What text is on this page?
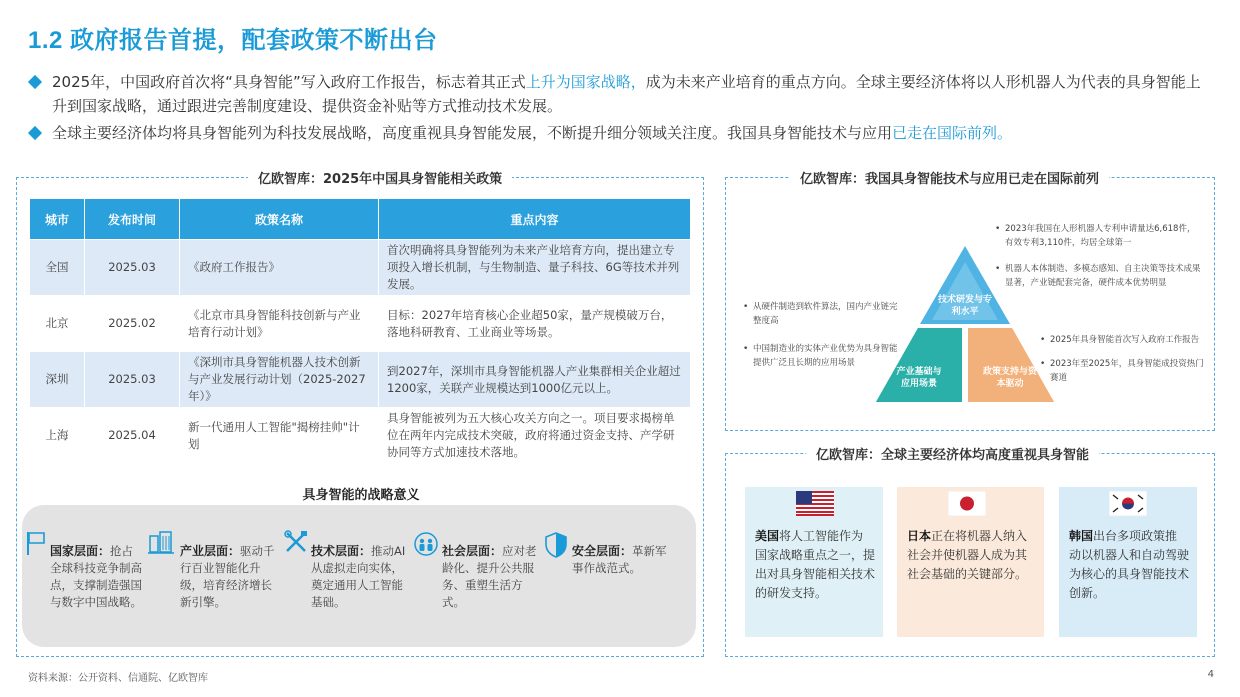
1.2 政府报告首提，配套政策不断出台
2025年，中国政府首次将“具身智能”写入政府工作报告，标志着其正式上升为国家战略，成为未来产业培育的重点方向。全球主要经济体将以人形机器人为代表的具身智能上升到国家战略，通过跟进完善制度建设、提供资金补贴等方式推动技术发展。
全球主要经济体均将具身智能列为科技发展战略，高度重视具身智能发展，不断提升细分领域关注度。我国具身智能技术与应用已走在国际前列。
亿欧智库：2025年中国具身智能相关政策
城市	发布时间	政策名称	重点内容
全国	2025.03	《政府工作报告》	首次明确将具身智能列为未来产业培育方向，提出建立专项投入增长机制，与生物制造、量子科技、6G等技术并列发展。
北京	2025.02	《北京市具身智能科技创新与产业培育行动计划》	目标：2027年培育核心企业超50家，量产规模破万台，落地科研教育、工业商业等场景。
深圳	2025.03	《深圳市具身智能机器人技术创新与产业发展行动计划（2025-2027年）》	到2027年，深圳市具身智能机器人产业集群相关企业超过1200家，关联产业规模达到1000亿元以上。
上海	2025.04	新一代通用人工智能"揭榜挂帅"计划	具身智能被列为五大核心攻关方向之一。项目要求揭榜单位在两年内完成技术突破，政府将通过资金支持、产学研协同等方式加速技术落地。
具身智能的战略意义
国家层面：抢占全球科技竞争制高点，支撑制造强国与数字中国战略。
产业层面：驱动千行百业智能化升级，培育经济增长新引擎。
技术层面：推动AI从虚拟走向实体，奠定通用人工智能基础。
社会层面：应对老龄化、提升公共服务、重塑生活方式。
安全层面：革新军事作战范式。
亿欧智库：我国具身智能技术与应用已走在国际前列
技术研发与专利水平
产业基础与应用场景
政策支持与资本驱动
• 2023年我国在人形机器人专利申请量达6,618件，有效专利3,110件，均居全球第一
• 机器人本体制造、多模态感知、自主决策等技术成果显著，产业链配套完备，硬件成本优势明显
• 从硬件制造到软件算法，国内产业链完整度高
• 中国制造业的实体产业优势为具身智能提供广泛且长期的应用场景
• 2025年具身智能首次写入政府工作报告
• 2023年至2025年，具身智能成投资热门赛道
亿欧智库：全球主要经济体均高度重视具身智能
美国将人工智能作为国家战略重点之一，提出对具身智能相关技术的研发支持。
日本正在将机器人纳入社会并使机器人成为其社会基础的关键部分。
韩国出台多项政策推动以机器人和自动驾驶为核心的具身智能技术创新。
资料来源：公开资料、信通院、亿欧智库	4
